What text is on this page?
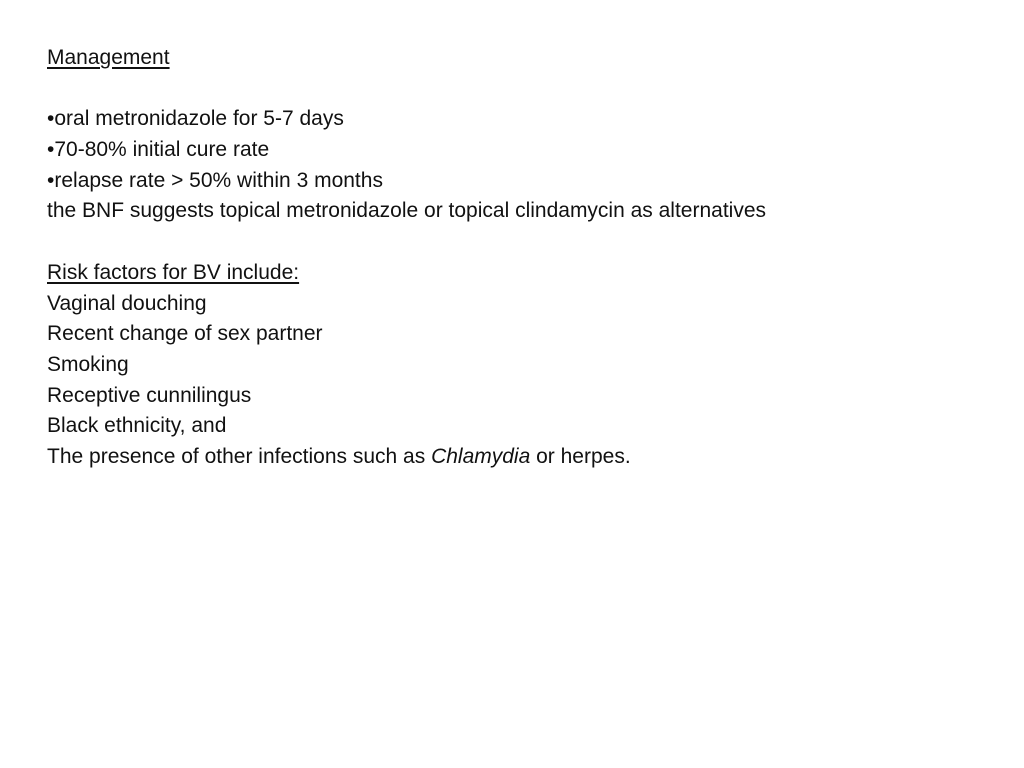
Management
•oral metronidazole for 5-7 days
•70-80% initial cure rate
•relapse rate > 50% within 3 months
the BNF suggests topical metronidazole or topical clindamycin as alternatives
Risk factors for BV include:
Vaginal douching
Recent change of sex partner
Smoking
Receptive cunnilingus
Black ethnicity, and
The presence of other infections such as Chlamydia or herpes.
